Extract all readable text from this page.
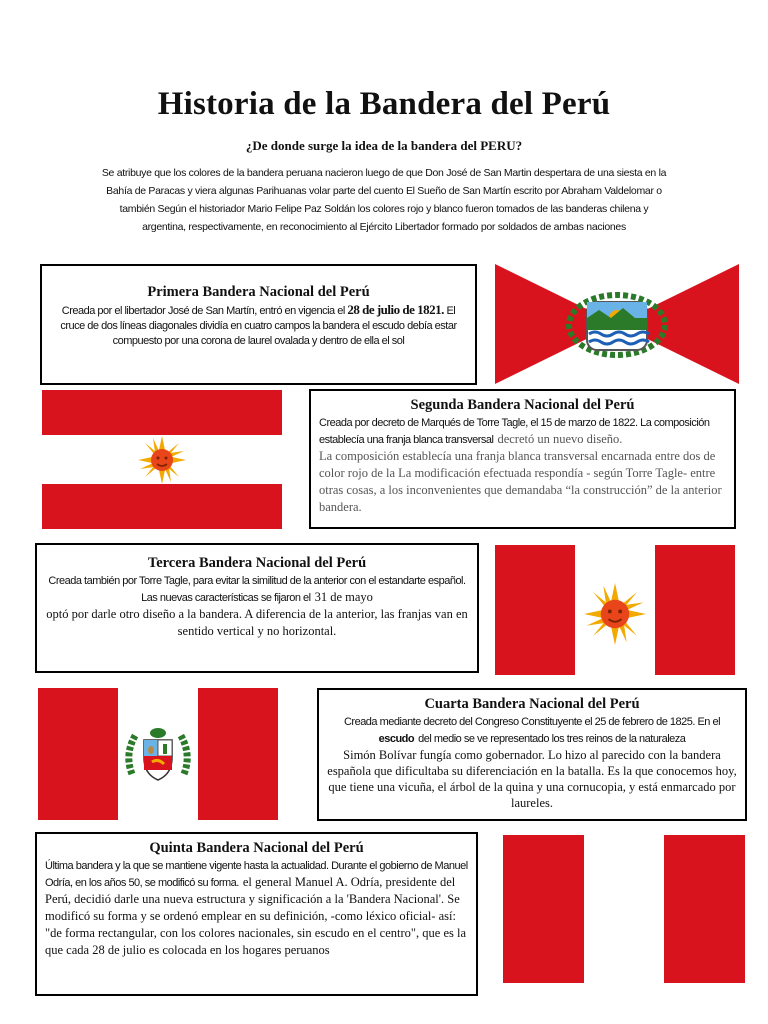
Historia de la Bandera del Perú
¿De donde surge la idea de la bandera del PERU?
Se atribuye que los colores de la bandera peruana nacieron luego de que Don José de San Martin despertara de una siesta en la Bahía de Paracas y viera algunas Parihuanas volar parte del cuento El Sueño de San Martín escrito por Abraham Valdelomar o también Según el historiador Mario Felipe Paz Soldán los colores rojo y blanco fueron tomados de las banderas chilena y argentina, respectivamente, en reconocimiento al Ejército Libertador formado por soldados de ambas naciones
Primera Bandera Nacional del Perú

Creada por el libertador José de San Martín, entró en vigencia el 28 de julio de 1821. El cruce de dos líneas diagonales dividía en cuatro campos la bandera el escudo debía estar compuesto por una corona de laurel ovalada y dentro de ella el sol

Segunda Bandera Nacional del Perú

Creada por decreto de Marqués de Torre Tagle, el 15 de marzo de 1822. La composición establecía una franja blanca transversal decretó un nuevo diseño.
La composición establecía una franja blanca transversal encarnada entre dos de color rojo de la La modificación efectuada respondía - según Torre Tagle- entre otras cosas, a los inconvenientes que demandaba “la construcción” de la anterior bandera.

Tercera Bandera Nacional del Perú

Creada también por Torre Tagle, para evitar la similitud de la anterior con el estandarte español. Las nuevas características se fijaron el 31 de mayo
optó por darle otro diseño a la bandera. A diferencia de la anterior, las franjas van en sentido vertical y no horizontal.

Cuarta Bandera Nacional del Perú

Creada mediante decreto del Congreso Constituyente el 25 de febrero de 1825. En el escudo del medio se ve representado los tres reinos de la naturaleza
Simón Bolívar fungía como gobernador. Lo hizo al parecido con la bandera española que dificultaba su diferenciación en la batalla. Es la que conocemos hoy, que tiene una vicuña, el árbol de la quina y una cornucopia, y está enmarcado por laureles.

Quinta Bandera Nacional del Perú

Última bandera y la que se mantiene vigente hasta la actualidad. Durante el gobierno de Manuel Odría, en los años 50, se modificó su forma. el general Manuel A. Odría, presidente del Perú, decidió darle una nueva estructura y significación a la 'Bandera Nacional'. Se modificó su forma y se ordenó emplear en su definición, -como léxico oficial- así: "de forma rectangular, con los colores nacionales, sin escudo en el centro", que es la que cada 28 de julio es colocada en los hogares peruanos
